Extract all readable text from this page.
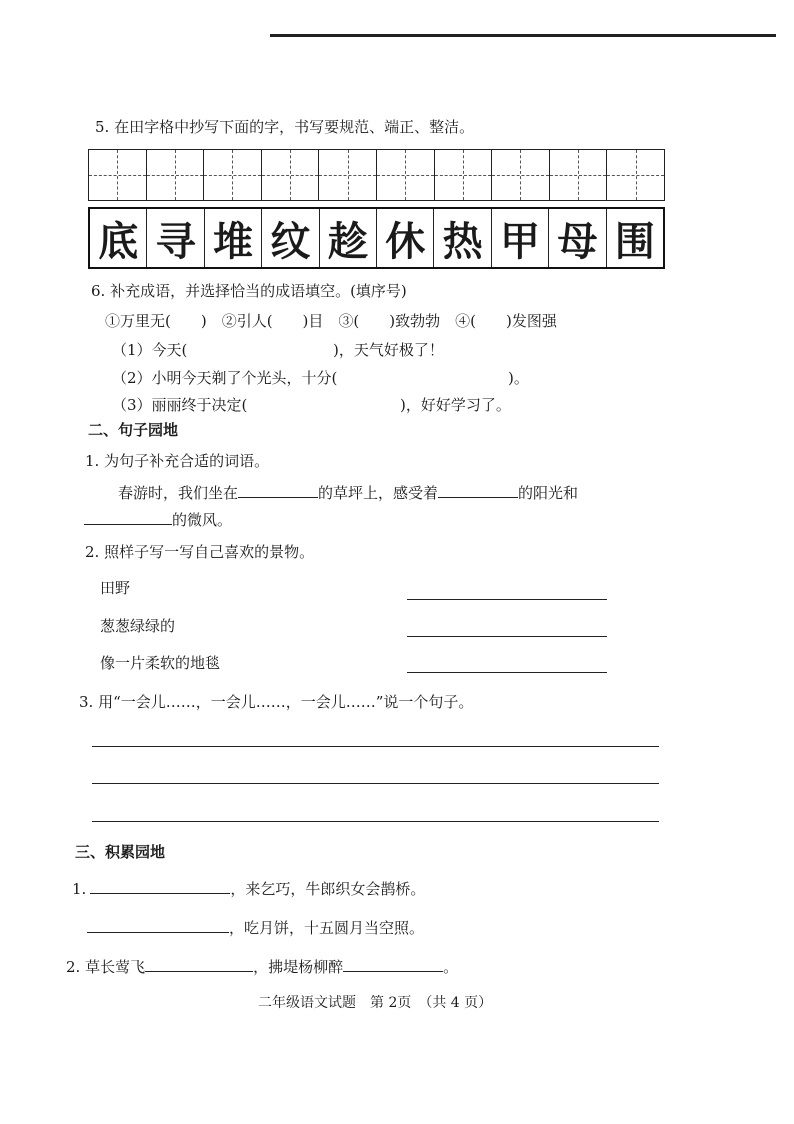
5. 在田字格中抄写下面的字，书写要规范、端正、整洁。
底 寻 堆 纹 趁 休 热 甲 母 围
6. 补充成语，并选择恰当的成语填空。(填序号)
①万里无(　　)　②引人(　　)目　③(　　)致勃勃　④(　　)发图强
（1）今天(	)，天气好极了！
（2）小明今天剃了个光头，十分(	)。
（3）丽丽终于决定(	)，好好学习了。
二、句子园地
1. 为句子补充合适的词语。
春游时，我们坐在	的草坪上，感受着	的阳光和
的微风。
2. 照样子写一写自己喜欢的景物。
田野
葱葱绿绿的
像一片柔软的地毯
3. 用“一会儿……，一会儿……，一会儿……”说一个句子。
三、积累园地
1.	，来乞巧，牛郎织女会鹊桥。
，吃月饼，十五圆月当空照。
2. 草长莺飞	，拂堤杨柳醉	。
二年级语文试题　第 2页　（共 4 页）
